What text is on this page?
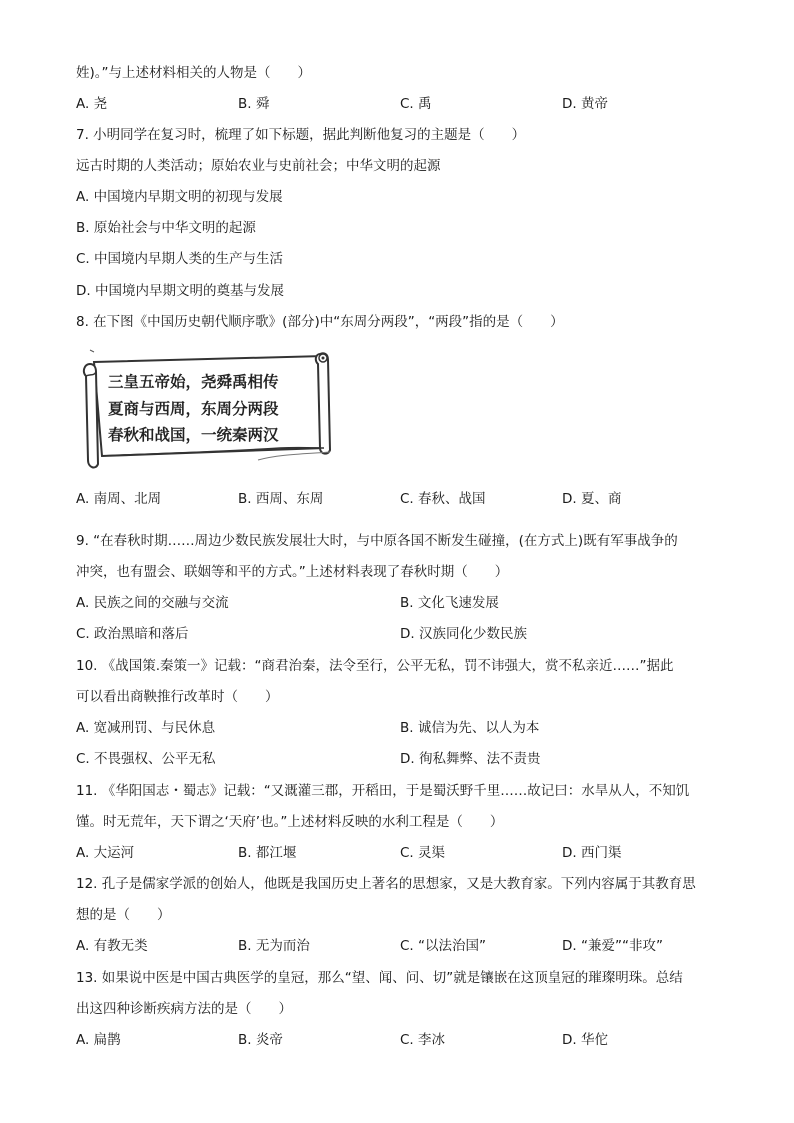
姓)。”与上述材料相关的人物是（　　）
A. 尧	B. 舜	C. 禹	D. 黄帝
7. 小明同学在复习时，梳理了如下标题，据此判断他复习的主题是（　　）
远古时期的人类活动；原始农业与史前社会；中华文明的起源
A. 中国境内早期文明的初现与发展
B. 原始社会与中华文明的起源
C. 中国境内早期人类的生产与生活
D. 中国境内早期文明的奠基与发展
8. 在下图《中国历史朝代顺序歌》(部分)中“东周分两段”，“两段”指的是（　　）
三皇五帝始，尧舜禹相传
夏商与西周，东周分两段
春秋和战国，一统秦两汉
A. 南周、北周	B. 西周、东周	C. 春秋、战国	D. 夏、商
9. “在春秋时期……周边少数民族发展壮大时，与中原各国不断发生碰撞，(在方式上)既有军事战争的
冲突，也有盟会、联姻等和平的方式。”上述材料表现了春秋时期（　　）
A. 民族之间的交融与交流	B. 文化飞速发展
C. 政治黑暗和落后	D. 汉族同化少数民族
10. 《战国策.秦策一》记载：“商君治秦，法令至行，公平无私，罚不讳强大，赏不私亲近……”据此
可以看出商鞅推行改革时（　　）
A. 宽减刑罚、与民休息	B. 诚信为先、以人为本
C. 不畏强权、公平无私	D. 徇私舞弊、法不责贵
11. 《华阳国志・蜀志》记载：“又溉灌三郡，开稻田，于是蜀沃野千里……故记曰：水旱从人，不知饥
馑。时无荒年，天下谓之‘天府’也。”上述材料反映的水利工程是（　　）
A. 大运河	B. 都江堰	C. 灵渠	D. 西门渠
12. 孔子是儒家学派的创始人，他既是我国历史上著名的思想家，又是大教育家。下列内容属于其教育思
想的是（　　）
A. 有教无类	B. 无为而治	C. “以法治国”	D. “兼爱”“非攻”
13. 如果说中医是中国古典医学的皇冠，那么“望、闻、问、切”就是镶嵌在这顶皇冠的璀璨明珠。总结
出这四种诊断疾病方法的是（　　）
A. 扁鹊	B. 炎帝	C. 李冰	D. 华佗
